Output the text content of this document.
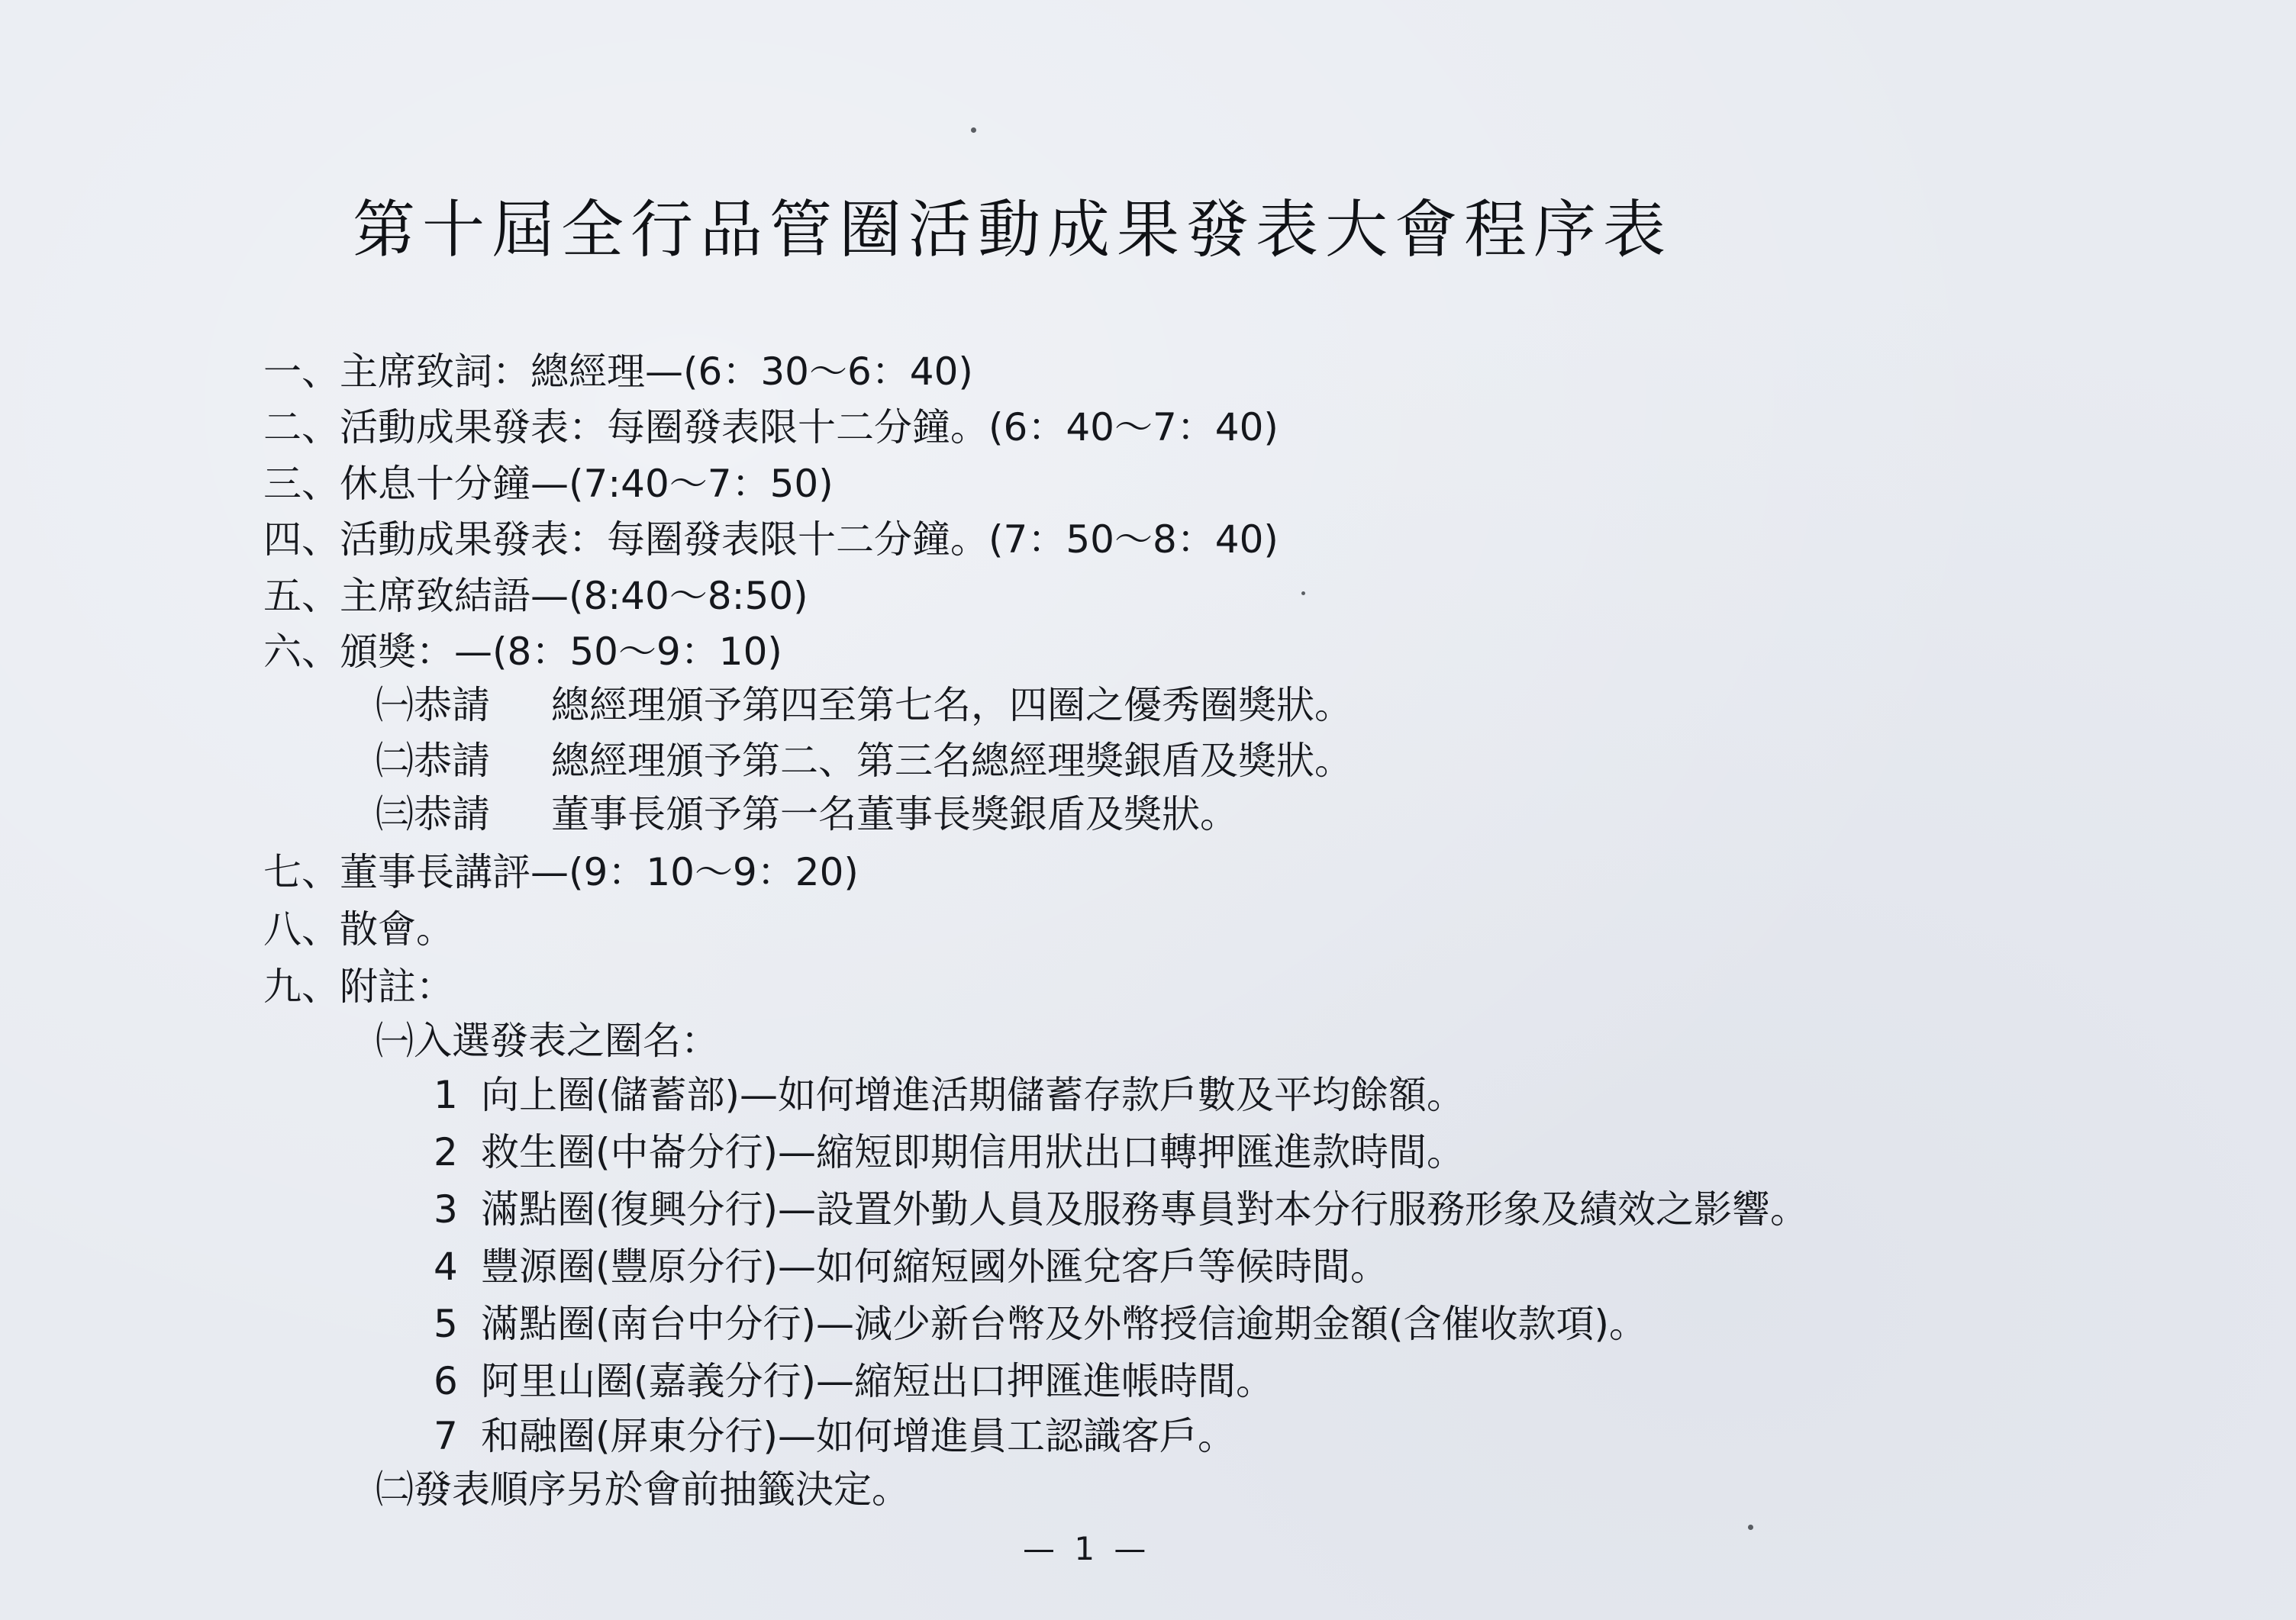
第十屆全行品管圈活動成果發表大會程序表
一、主席致詞：總經理—(6：30～6：40)
二、活動成果發表：每圈發表限十二分鐘。(6：40～7：40)
三、休息十分鐘—(7:40～7：50)
四、活動成果發表：每圈發表限十二分鐘。(7：50～8：40)
五、主席致結語—(8:40～8:50)
六、頒獎：—(8：50～9：10)
㈠恭請 總經理頒予第四至第七名，四圈之優秀圈獎狀。
㈡恭請 總經理頒予第二、第三名總經理獎銀盾及獎狀。
㈢恭請 董事長頒予第一名董事長獎銀盾及獎狀。
七、董事長講評—(9：10～9：20)
八、散會。
九、附註：
㈠入選發表之圈名：
1 向上圈(儲蓄部)—如何增進活期儲蓄存款戶數及平均餘額。
2 救生圈(中崙分行)—縮短即期信用狀出口轉押匯進款時間。
3 滿點圈(復興分行)—設置外勤人員及服務專員對本分行服務形象及績效之影響。
4 豐源圈(豐原分行)—如何縮短國外匯兌客戶等候時間。
5 滿點圈(南台中分行)—減少新台幣及外幣授信逾期金額(含催收款項)。
6 阿里山圈(嘉義分行)—縮短出口押匯進帳時間。
7 和融圈(屏東分行)—如何增進員工認識客戶。
㈡發表順序另於會前抽籤決定。
— 1 —
